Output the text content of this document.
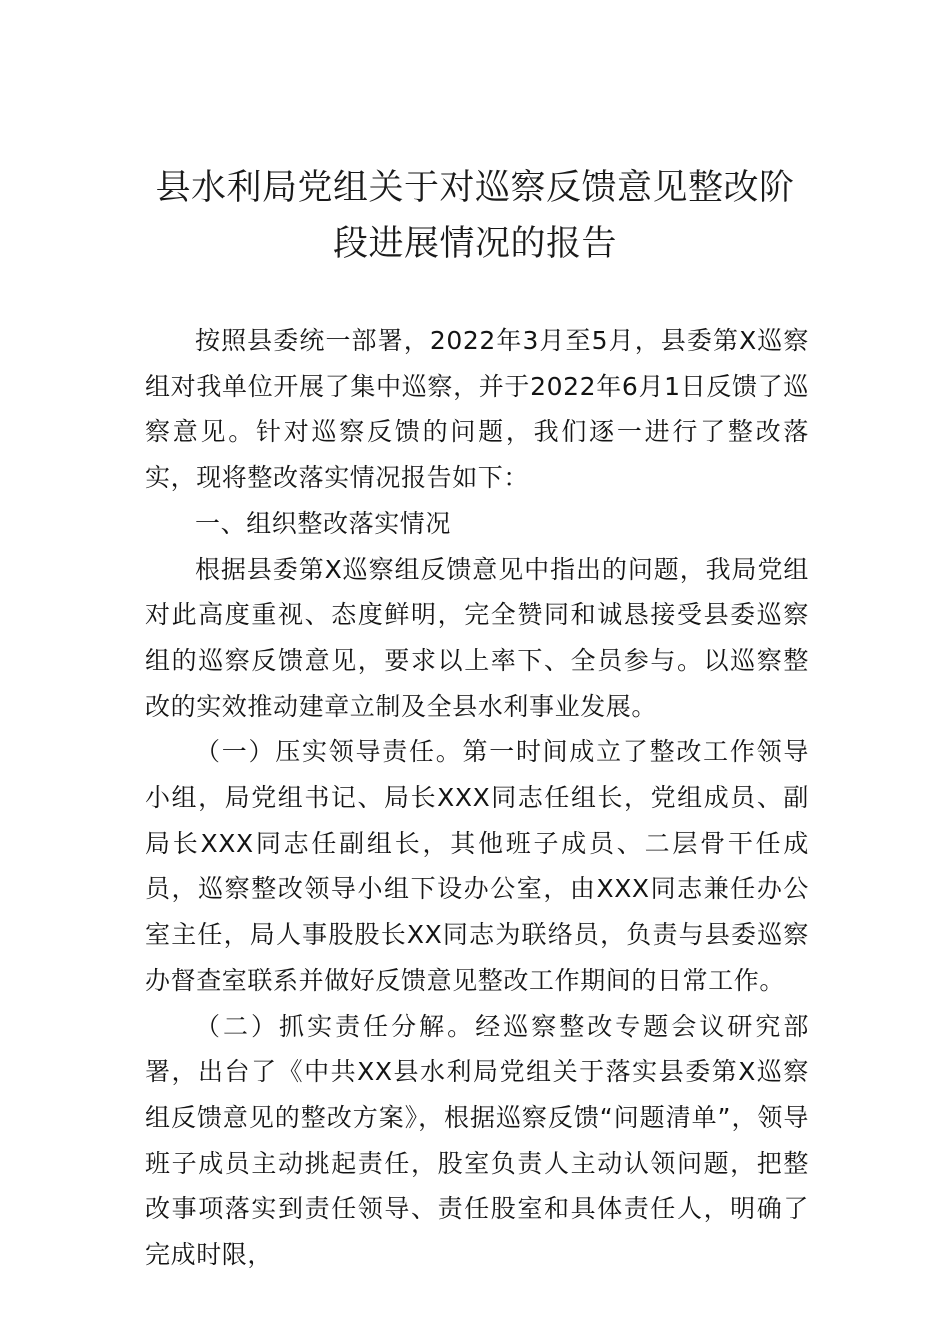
县水利局党组关于对巡察反馈意见整改阶
段进展情况的报告

按照县委统一部署，2022年3月至5月，县委第X巡察组对我单位开展了集中巡察，并于2022年6月1日反馈了巡察意见。针对巡察反馈的问题，我们逐一进行了整改落实，现将整改落实情况报告如下：

一、组织整改落实情况

根据县委第X巡察组反馈意见中指出的问题，我局党组对此高度重视、态度鲜明，完全赞同和诚恳接受县委巡察组的巡察反馈意见，要求以上率下、全员参与。以巡察整改的实效推动建章立制及全县水利事业发展。

（一）压实领导责任。第一时间成立了整改工作领导小组，局党组书记、局长XXX同志任组长，党组成员、副局长XXX同志任副组长，其他班子成员、二层骨干任成员，巡察整改领导小组下设办公室，由XXX同志兼任办公室主任，局人事股股长XX同志为联络员，负责与县委巡察办督查室联系并做好反馈意见整改工作期间的日常工作。

（二）抓实责任分解。经巡察整改专题会议研究部署，出台了《中共XX县水利局党组关于落实县委第X巡察组反馈意见的整改方案》，根据巡察反馈“问题清单”，领导班子成员主动挑起责任，股室负责人主动认领问题，把整改事项落实到责任领导、责任股室和具体责任人，明确了完成时限，
